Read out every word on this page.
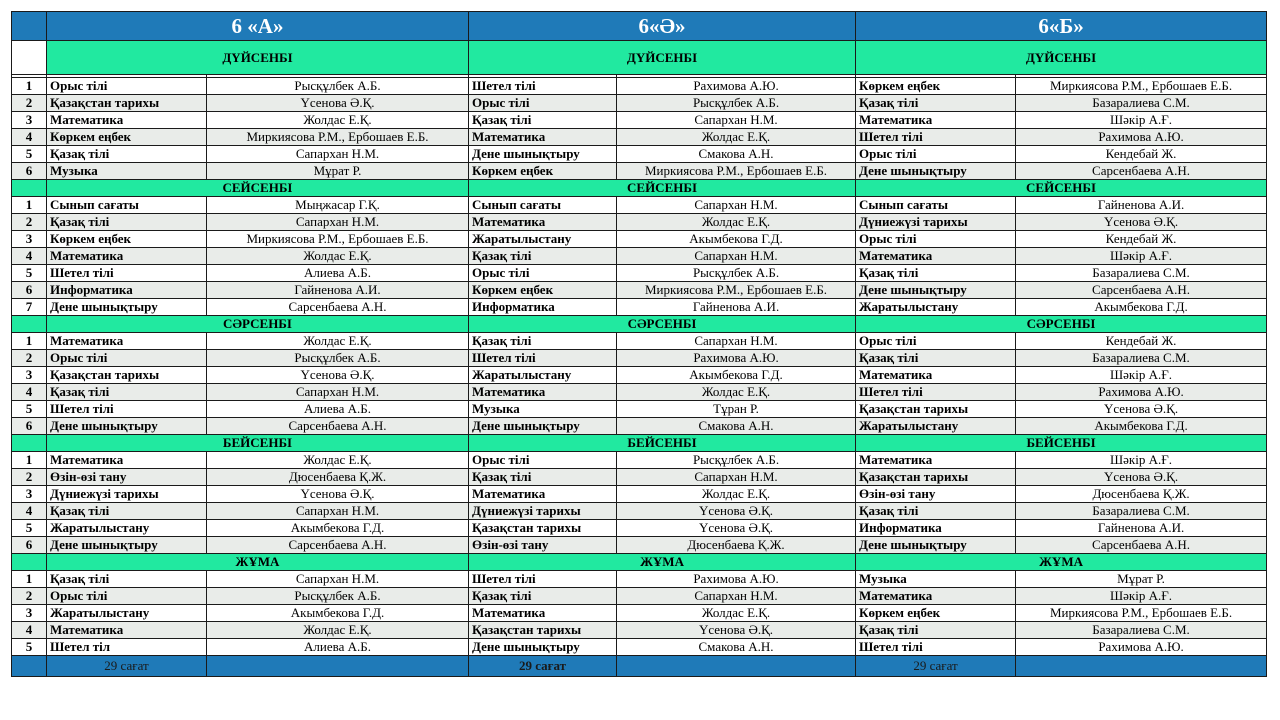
	6 «А»		6«Ә»		6«Б»	
	ДҮЙСЕНБІ		ДҮЙСЕНБІ		ДҮЙСЕНБІ	

1	Орыс тілі	Рысқұлбек А.Б.	Шетел тілі	Рахимова А.Ю.	Көркем еңбек	Миркиясова Р.М., Ербошаев Е.Б.
2	Қазақстан тарихы	Үсенова Ә.Қ.	Орыс тілі	Рысқұлбек А.Б.	Қазақ тілі	Базаралиева С.М.
3	Математика	Жолдас Е.Қ.	Қазақ тілі	Сапархан Н.М.	Математика	Шәкір А.Ғ.
4	Көркем еңбек	Миркиясова Р.М., Ербошаев Е.Б.	Математика	Жолдас Е.Қ.	Шетел тілі	Рахимова А.Ю.
5	Қазақ тілі	Сапархан Н.М.	Дене шынықтыру	Смакова А.Н.	Орыс тілі	Кендебай Ж.
6	Музыка	Мұрат Р.	Көркем еңбек	Миркиясова Р.М., Ербошаев Е.Б.	Дене шынықтыру	Сарсенбаева А.Н.
	СЕЙСЕНБІ		СЕЙСЕНБІ		СЕЙСЕНБІ	
1	Сынып сағаты	Мыңжасар Г.Қ.	Сынып сағаты	Сапархан Н.М.	Сынып сағаты	Гайненова А.И.
2	Қазақ тілі	Сапархан Н.М.	Математика	Жолдас Е.Қ.	Дүниежүзі тарихы	Үсенова Ә.Қ.
3	Көркем еңбек	Миркиясова Р.М., Ербошаев Е.Б.	Жаратылыстану	Акымбекова Г.Д.	Орыс тілі	Кендебай Ж.
4	Математика	Жолдас Е.Қ.	Қазақ тілі	Сапархан Н.М.	Математика	Шәкір А.Ғ.
5	Шетел тілі	Алиева А.Б.	Орыс тілі	Рысқұлбек А.Б.	Қазақ тілі	Базаралиева С.М.
6	Информатика	Гайненова А.И.	Көркем еңбек	Миркиясова Р.М., Ербошаев Е.Б.	Дене шынықтыру	Сарсенбаева А.Н.
7	Дене шынықтыру	Сарсенбаева А.Н.	Информатика	Гайненова А.И.	Жаратылыстану	Акымбекова Г.Д.
	СӘРСЕНБІ		СӘРСЕНБІ		СӘРСЕНБІ	
1	Математика	Жолдас Е.Қ.	Қазақ тілі	Сапархан Н.М.	Орыс тілі	Кендебай Ж.
2	Орыс тілі	Рысқұлбек А.Б.	Шетел тілі	Рахимова А.Ю.	Қазақ тілі	Базаралиева С.М.
3	Қазақстан тарихы	Үсенова Ә.Қ.	Жаратылыстану	Акымбекова Г.Д.	Математика	Шәкір А.Ғ.
4	Қазақ тілі	Сапархан Н.М.	Математика	Жолдас Е.Қ.	Шетел тілі	Рахимова А.Ю.
5	Шетел тілі	Алиева А.Б.	Музыка	Тұран Р.	Қазақстан тарихы	Үсенова Ә.Қ.
6	Дене шынықтыру	Сарсенбаева А.Н.	Дене шынықтыру	Смакова А.Н.	Жаратылыстану	Акымбекова Г.Д.
	БЕЙСЕНБІ		БЕЙСЕНБІ		БЕЙСЕНБІ	
1	Математика	Жолдас Е.Қ.	Орыс тілі	Рысқұлбек А.Б.	Математика	Шәкір А.Ғ.
2	Өзін-өзі тану	Дюсенбаева Қ.Ж.	Қазақ тілі	Сапархан Н.М.	Қазақстан тарихы	Үсенова Ә.Қ.
3	Дүниежүзі тарихы	Үсенова Ә.Қ.	Математика	Жолдас Е.Қ.	Өзін-өзі тану	Дюсенбаева Қ.Ж.
4	Қазақ тілі	Сапархан Н.М.	Дүниежүзі тарихы	Үсенова Ә.Қ.	Қазақ тілі	Базаралиева С.М.
5	Жаратылыстану	Акымбекова Г.Д.	Қазақстан тарихы	Үсенова Ә.Қ.	Информатика	Гайненова А.И.
6	Дене шынықтыру	Сарсенбаева А.Н.	Өзін-өзі тану	Дюсенбаева Қ.Ж.	Дене шынықтыру	Сарсенбаева А.Н.
	ЖҰМА		ЖҰМА		ЖҰМА	
1	Қазақ тілі	Сапархан Н.М.	Шетел тілі	Рахимова А.Ю.	Музыка	Мұрат Р.
2	Орыс тілі	Рысқұлбек А.Б.	Қазақ тілі	Сапархан Н.М.	Математика	Шәкір А.Ғ.
3	Жаратылыстану	Акымбекова Г.Д.	Математика	Жолдас Е.Қ.	Көркем еңбек	Миркиясова Р.М., Ербошаев Е.Б.
4	Математика	Жолдас Е.Қ.	Қазақстан тарихы	Үсенова Ә.Қ.	Қазақ тілі	Базаралиева С.М.
5	Шетел тіл	Алиева А.Б.	Дене шынықтыру	Смакова А.Н.	Шетел тілі	Рахимова А.Ю.
	29 сағат		29 сағат		29 сағат	
